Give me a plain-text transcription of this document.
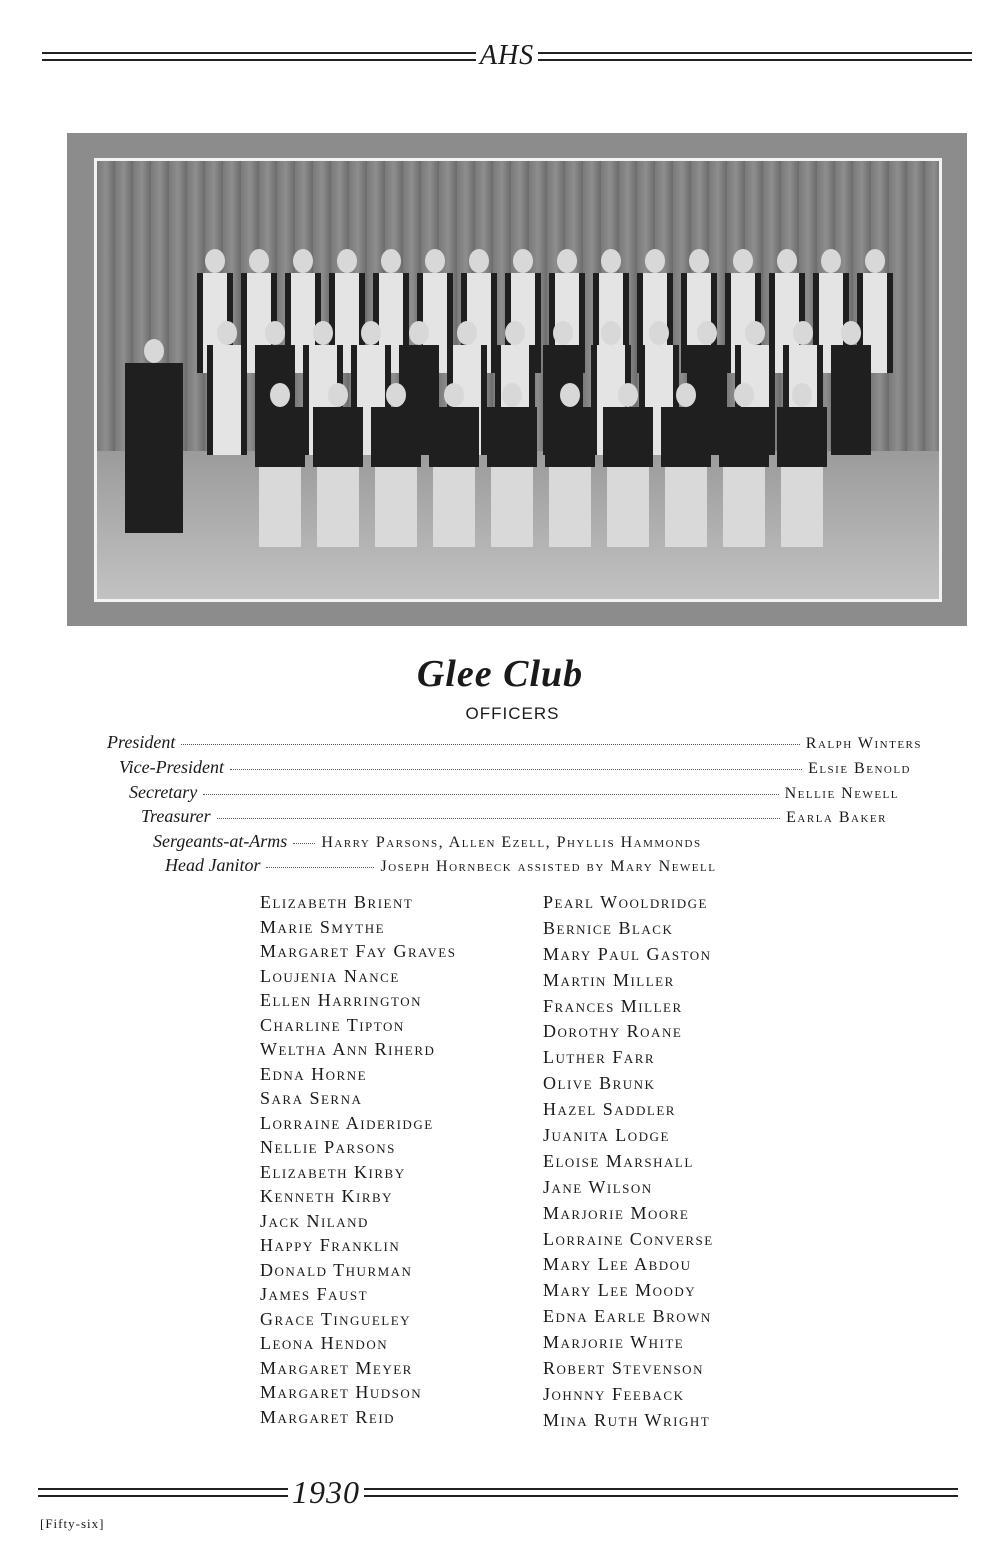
AHS
Glee Club
OFFICERS
President	Ralph Winters
Vice-President	Elsie Benold
Secretary	Nellie Newell
Treasurer	Earla Baker
Sergeants-at-Arms Harry Parsons, Allen Ezell, Phyllis Hammonds
Head Janitor	Joseph Hornbeck assisted by Mary Newell
Elizabeth Brient
Marie Smythe
Margaret Fay Graves
Loujenia Nance
Ellen Harrington
Charline Tipton
Weltha Ann Riherd
Edna Horne
Sara Serna
Lorraine Aideridge
Nellie Parsons
Elizabeth Kirby
Kenneth Kirby
Jack Niland
Happy Franklin
Donald Thurman
James Faust
Grace Tingueley
Leona Hendon
Margaret Meyer
Margaret Hudson
Margaret Reid
Pearl Wooldridge
Bernice Black
Mary Paul Gaston
Martin Miller
Frances Miller
Dorothy Roane
Luther Farr
Olive Brunk
Hazel Saddler
Juanita Lodge
Eloise Marshall
Jane Wilson
Marjorie Moore
Lorraine Converse
Mary Lee Abdou
Mary Lee Moody
Edna Earle Brown
Marjorie White
Robert Stevenson
Johnny Feeback
Mina Ruth Wright
1930
[Fifty-six]
